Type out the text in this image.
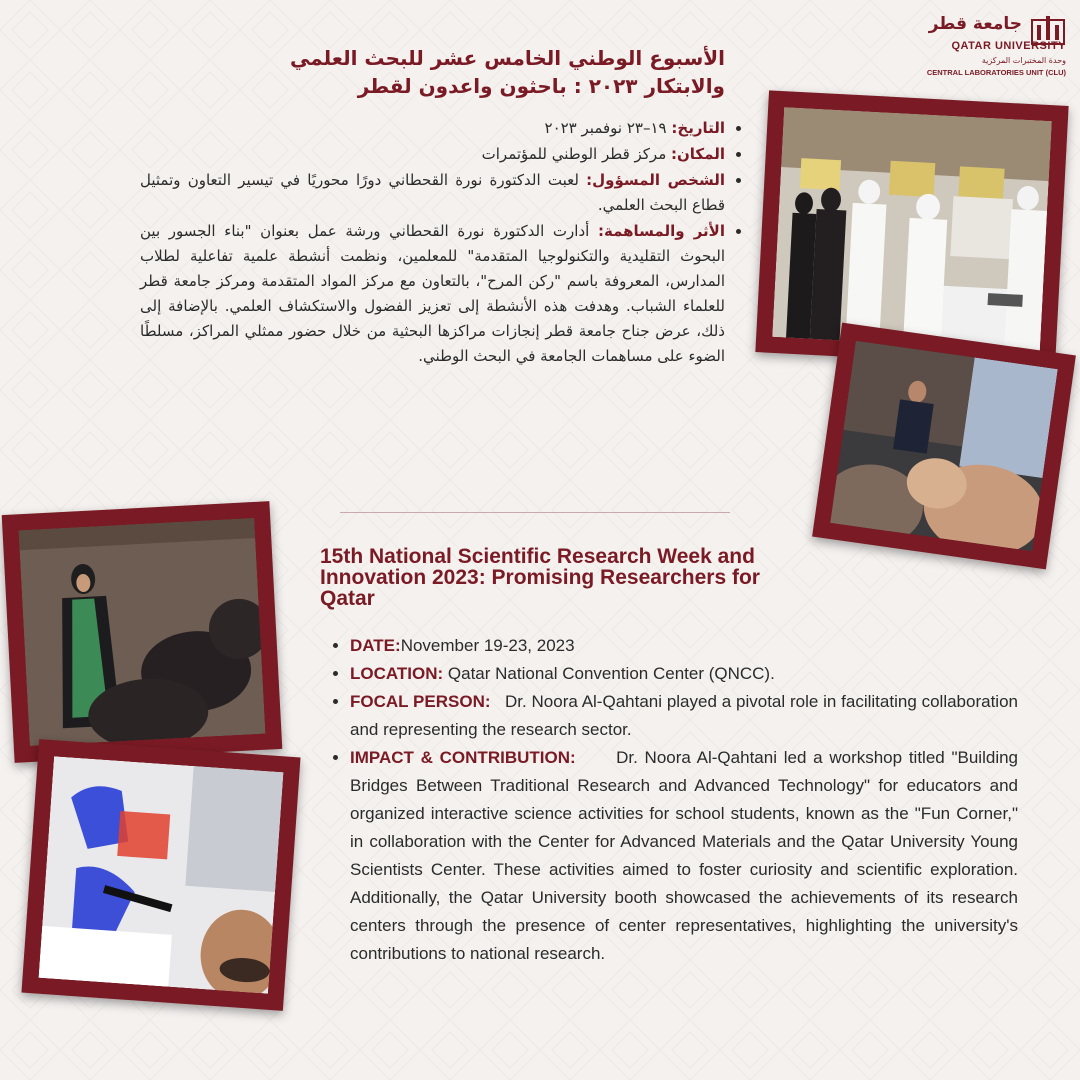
جامعة قطر
QATAR UNIVERSITY
وحدة المختبرات المركزية
CENTRAL LABORATORIES UNIT (CLU)
الأسبوع الوطني الخامس عشر للبحث العلمي
والابتكار ٢٠٢٣ : باحثون واعدون لقطر
• التاريخ: ١٩–٢٣ نوفمبر ٢٠٢٣
• المكان: مركز قطر الوطني للمؤتمرات
• الشخص المسؤول: لعبت الدكتورة نورة القحطاني دورًا محوريًا في تيسير التعاون وتمثيل قطاع البحث العلمي.
• الأثر والمساهمة: أدارت الدكتورة نورة القحطاني ورشة عمل بعنوان "بناء الجسور بين البحوث التقليدية والتكنولوجيا المتقدمة" للمعلمين، ونظمت أنشطة علمية تفاعلية لطلاب المدارس، المعروفة باسم "ركن المرح"، بالتعاون مع مركز المواد المتقدمة ومركز جامعة قطر للعلماء الشباب. وهدفت هذه الأنشطة إلى تعزيز الفضول والاستكشاف العلمي. بالإضافة إلى ذلك، عرض جناح جامعة قطر إنجازات مراكزها البحثية من خلال حضور ممثلي المراكز، مسلطًا الضوء على مساهمات الجامعة في البحث الوطني.
15th National Scientific Research Week and Innovation 2023: Promising Researchers for Qatar
• DATE:November 19-23, 2023
• LOCATION: Qatar National Convention Center (QNCC).
• FOCAL PERSON: Dr. Noora Al-Qahtani played a pivotal role in facilitating collaboration and representing the research sector.
• IMPACT & CONTRIBUTION: Dr. Noora Al-Qahtani led a workshop titled "Building Bridges Between Traditional Research and Advanced Technology" for educators and organized interactive science activities for school students, known as the "Fun Corner," in collaboration with the Center for Advanced Materials and the Qatar University Young Scientists Center. These activities aimed to foster curiosity and scientific exploration. Additionally, the Qatar University booth showcased the achievements of its research centers through the presence of center representatives, highlighting the university's contributions to national research.
